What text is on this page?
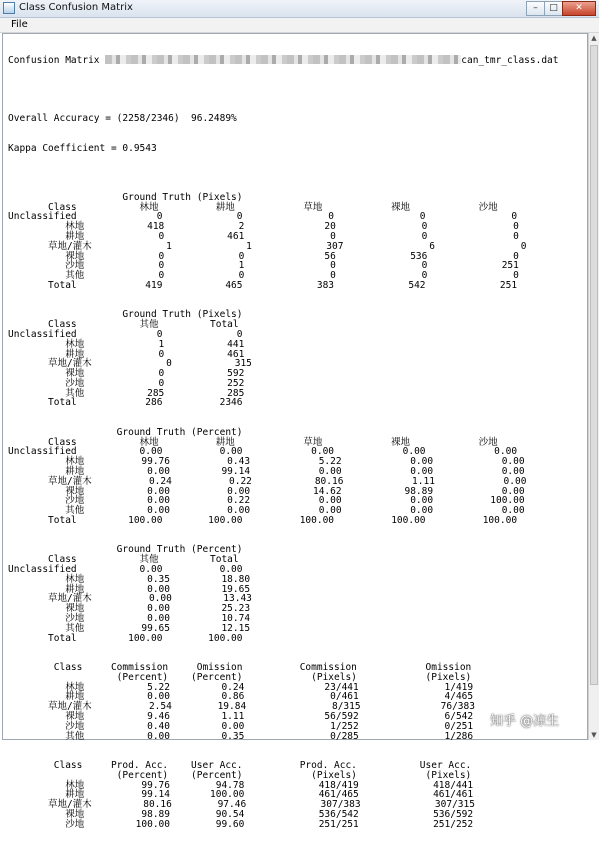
Class Confusion Matrix	–	□	✕
File

Confusion Matrix	can_tmr_class.dat

Overall Accuracy = (2258/2346)  96.2489%

Kappa Coefficient = 0.9543

Ground Truth (Pixels)
Class           林地          耕地            草地            裸地            沙地
Unclassified              0             0               0               0               0
林地           418             2              20               0               0
耕地             0           461               0               0               0
草地/灌木             1             1             307               6               0
裸地             0             0              56             536               0
沙地             0             1               0               0             251
其他             0             0               0               0               0
Total            419           465             383             542             251
Ground Truth (Pixels)
Class           其他         Total
Unclassified              0             0
林地             1           441
耕地             0           461
草地/灌木             0           315
裸地             0           592
沙地             0           252
其他           285           285
Total            286          2346
Ground Truth (Percent)
Class           林地          耕地            草地            裸地            沙地
Unclassified           0.00          0.00            0.00            0.00            0.00
林地          99.76          0.43            5.22            0.00            0.00
耕地           0.00         99.14            0.00            0.00            0.00
草地/灌木          0.24          0.22           80.16            1.11            0.00
裸地           0.00          0.00           14.62           98.89            0.00
沙地           0.00          0.22            0.00            0.00          100.00
其他           0.00          0.00            0.00            0.00            0.00
Total         100.00        100.00          100.00          100.00          100.00
Ground Truth (Percent)
Class           其他         Total
Unclassified           0.00          0.00
林地           0.35         18.80
耕地           0.00         19.65
草地/灌木          0.00         13.43
裸地           0.00         25.23
沙地           0.00         10.74
其他          99.65         12.15
Total         100.00        100.00
Class     Commission     Omission          Commission            Omission
(Percent)    (Percent)            (Pixels)            (Pixels)
林地           5.22         0.24              23/441               1/419
耕地           0.00         0.86               0/461               4/465
草地/灌木          2.54        19.84               8/315              76/383
裸地           9.46         1.11              56/592               6/542
沙地           0.40         0.00               1/252               0/251
其他           0.00         0.35               0/285               1/286
Class     Prod. Acc.    User Acc.          Prod. Acc.           User Acc.
(Percent)    (Percent)            (Pixels)            (Pixels)
林地          99.76        94.78             418/419             418/441
耕地          99.14       100.00             461/465             461/461
草地/灌木         80.16        97.46             307/383             307/315
裸地          98.89        90.54             536/542             536/592
沙地         100.00        99.60             251/251             251/252

▲
▼
知乎 @凉生
